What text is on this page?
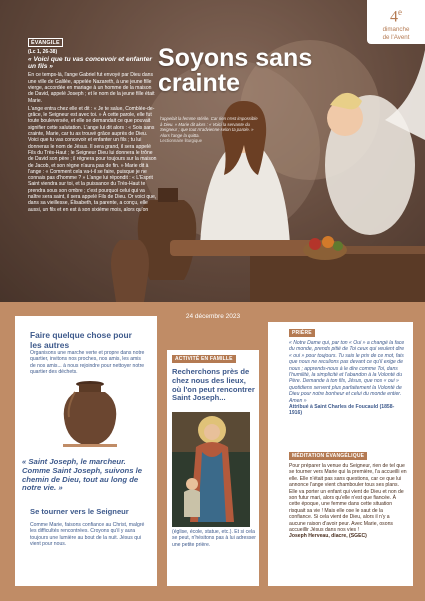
4e
dimanche
de l'Avent
ÉVANGILE
(Lc 1, 26-38)
« Voici que tu vas concevoir et enfanter un fils »

En ce temps-là, l'ange Gabriel fut envoyé par Dieu dans une ville de Galilée, appelée Nazareth, à une jeune fille vierge, accordée en mariage à un homme de la maison de David, appelé Joseph ; et le nom de la jeune fille était Marie.

L'ange entra chez elle et dit : « Je te salue, Comblée-de-grâce, le Seigneur est avec toi. » À cette parole, elle fut toute bouleversée, et elle se demandait ce que pouvait signifier cette salutation. L'ange lui dit alors : « Sois sans crainte, Marie, car tu as trouvé grâce auprès de Dieu. Voici que tu vas concevoir et enfanter un fils ; tu lui donneras le nom de Jésus. Il sera grand, il sera appelé Fils du Très-Haut ; le Seigneur Dieu lui donnera le trône de David son père ; il régnera pour toujours sur la maison de Jacob, et son règne n'aura pas de fin. » Marie dit à l'ange : « Comment cela va-t-il se faire, puisque je ne connais pas d'homme ? » L'ange lui répondit : « L'Esprit Saint viendra sur toi, et la puissance du Très-Haut te prendra sous son ombre ; c'est pourquoi celui qui va naître sera saint, il sera appelé Fils de Dieu. Or voici que, dans sa vieillesse, Élisabeth, ta parente, a conçu, elle aussi, un fils et en est à son sixième mois, alors qu'on

Soyons sans crainte
l'appelait la femme stérile. Car rien n'est impossible à Dieu. » Marie dit alors : « Voici la servante du Seigneur ; que tout m'advienne selon ta parole. » Alors l'ange la quitta.
Lectionnaire liturgique
24 décembre 2023
Faire quelque chose pour les autres
Organisons une marche verte et propre dans notre quartier, invitons nos proches, nos amis, les amis de nos amis... à nous rejoindre pour nettoyer notre quartier des déchets.
« Saint Joseph, le marcheur. Comme Saint Joseph, suivons le chemin de Dieu, tout au long de notre vie. »
Se tourner vers le Seigneur
Comme Marie, faisons confiance au Christ, malgré les difficultés rencontrées. Croyons qu'il y aura toujours une lumière au bout de la nuit. Jésus qui vient pour nous.
ACTIVITÉ EN FAMILLE
Recherchons près de chez nous des lieux, où l'on peut rencontrer Saint Joseph...
(église, école, statue, etc.). Et si cela se peut, n'hésitons pas à lui adresser une petite prière.
PRIÈRE
« Notre Dame qui, par ton « Oui » a changé la face du monde, prends pitié de Toi ceux qui veulent dire « oui » pour toujours. Tu sais le prix de ce mot, fais que nous ne reculions pas devant ce qu'il exige de nous ; apprends-nous à le dire comme Toi, dans l'humilité, la simplicité et l'abandon à la Volonté du Père. Demande à ton fils, Jésus, que nos « oui » quotidiens servent plus parfaitement la Volonté de Dieu pour notre bonheur et celui du monde entier. Amen »
Attribué à Saint Charles de Foucauld (1858-1916)
MÉDITATION ÉVANGÉLIQUE
Pour préparer la venue du Seigneur, rien de tel que se tourner vers Marie qui la première, l'a accueilli en elle. Elle n'était pas sans questions, car ce que lui annonce l'ange vient chambouler tous ses plans. Elle va porter un enfant qui vient de Dieu et non de son futur mari, alors qu'elle n'est que fiancée. À cette époque, une femme dans cette situation risquait sa vie ! Mais elle ose le saut de la confiance. Si cela vient de Dieu, alors il n'y a aucune raison d'avoir peur. Avec Marie, osons accueillir Jésus dans nos vies !
Joseph Herveau, diacre, (SGEC)
